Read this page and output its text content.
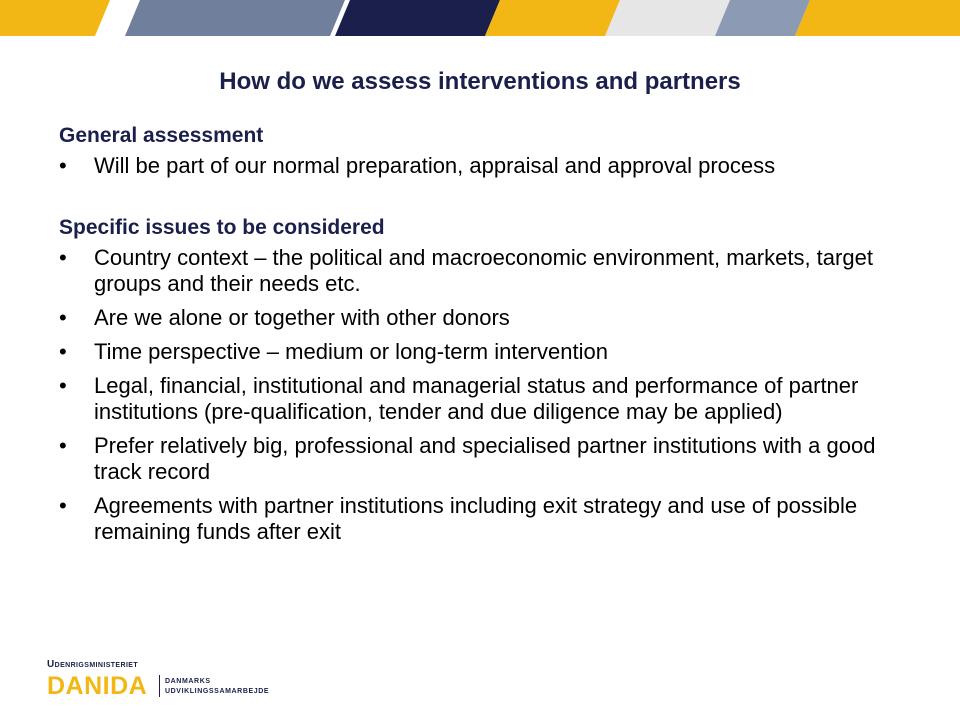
How do we assess interventions and partners
General assessment
• Will be part of our normal preparation, appraisal and approval process
Specific issues to be considered
• Country context – the political and macroeconomic environment, markets, target groups and their needs etc.
• Are we alone or together with other donors
• Time perspective – medium or long-term intervention
• Legal, financial, institutional and managerial status and performance of partner institutions (pre-qualification, tender and due diligence may be applied)
• Prefer relatively big, professional and specialised partner institutions with a good track record
• Agreements with partner institutions including exit strategy and use of possible remaining funds after exit
Udenrigsministeriet
DANIDA	DANMARKS
UDVIKLINGSSAMARBEJDE
